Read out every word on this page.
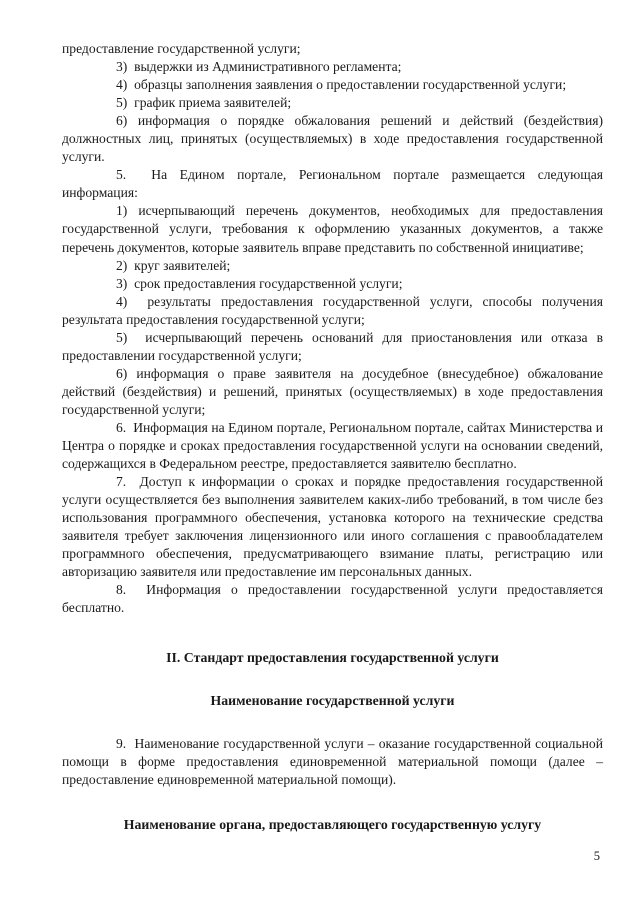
предоставление государственной услуги;

3)  выдержки из Административного регламента;

4)  образцы заполнения заявления о предоставлении государственной услуги;

5)  график приема заявителей;

6) информация о порядке обжалования решений и действий (бездействия) должностных лиц, принятых (осуществляемых) в ходе предоставления государственной услуги.

5.  На Едином портале, Региональном портале размещается следующая информация:

1) исчерпывающий перечень документов, необходимых для предоставления государственной услуги, требования к оформлению указанных документов, а также перечень документов, которые заявитель вправе представить по собственной инициативе;

2)  круг заявителей;

3)  срок предоставления государственной услуги;

4)  результаты предоставления государственной услуги, способы получения результата предоставления государственной услуги;

5)  исчерпывающий перечень оснований для приостановления или отказа в предоставлении государственной услуги;

6) информация о праве заявителя на досудебное (внесудебное) обжалование действий (бездействия) и решений, принятых (осуществляемых) в ходе предоставления государственной услуги;

6.  Информация на Едином портале, Региональном портале, сайтах Министерства и Центра о порядке и сроках предоставления государственной услуги на основании сведений, содержащихся в Федеральном реестре, предоставляется заявителю бесплатно.

7.  Доступ к информации о сроках и порядке предоставления государственной услуги осуществляется без выполнения заявителем каких-либо требований, в том числе без использования программного обеспечения, установка которого на технические средства заявителя требует заключения лицензионного или иного соглашения с правообладателем программного обеспечения, предусматривающего взимание платы, регистрацию или авторизацию заявителя или предоставление им персональных данных.

8.  Информация о предоставлении государственной услуги предоставляется бесплатно.

II. Стандарт предоставления государственной услуги
Наименование государственной услуги

9.  Наименование государственной услуги – оказание государственной социальной помощи в форме предоставления единовременной материальной помощи (далее – предоставление единовременной материальной помощи).

Наименование органа, предоставляющего государственную услугу
5
